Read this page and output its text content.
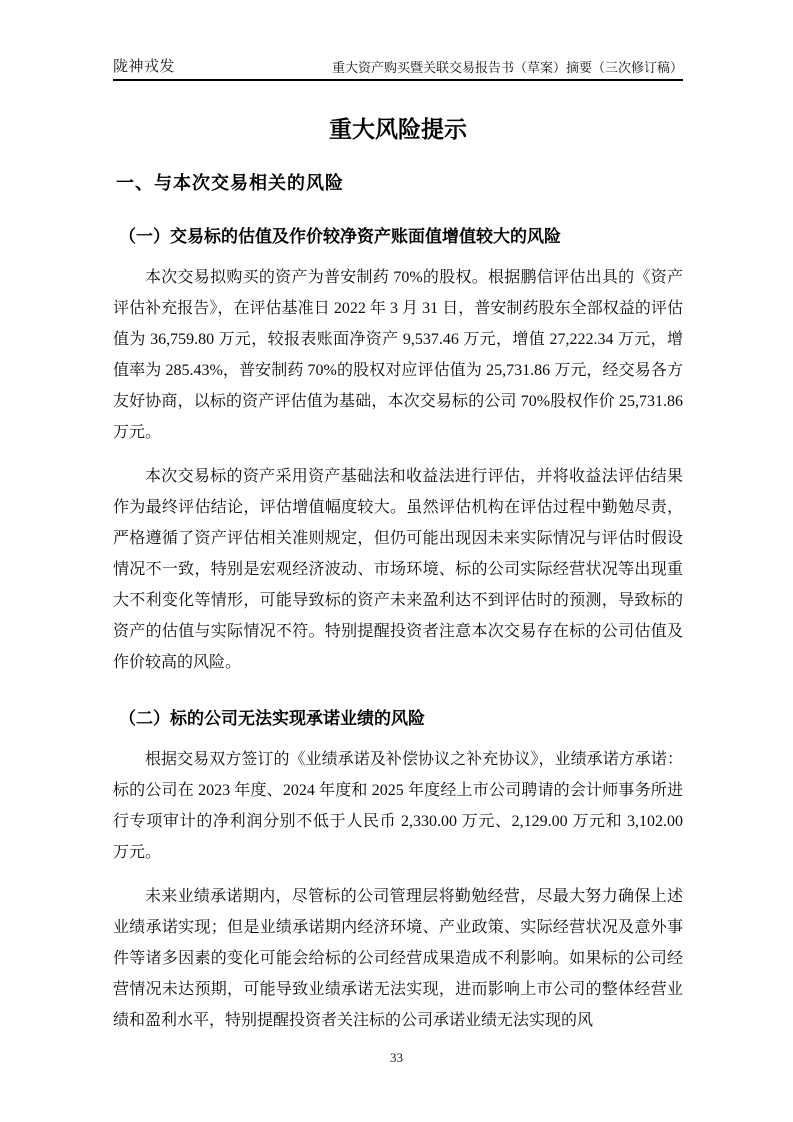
陇神戎发	重大资产购买暨关联交易报告书（草案）摘要（三次修订稿）
重大风险提示
一、与本次交易相关的风险
（一）交易标的估值及作价较净资产账面值增值较大的风险

本次交易拟购买的资产为普安制药 70%的股权。根据鹏信评估出具的《资产评估补充报告》，在评估基准日 2022 年 3 月 31 日，普安制药股东全部权益的评估值为 36,759.80 万元，较报表账面净资产 9,537.46 万元，增值 27,222.34 万元，增值率为 285.43%，普安制药 70%的股权对应评估值为 25,731.86 万元，经交易各方友好协商，以标的资产评估值为基础，本次交易标的公司 70%股权作价 25,731.86 万元。

本次交易标的资产采用资产基础法和收益法进行评估，并将收益法评估结果作为最终评估结论，评估增值幅度较大。虽然评估机构在评估过程中勤勉尽责，严格遵循了资产评估相关准则规定，但仍可能出现因未来实际情况与评估时假设情况不一致，特别是宏观经济波动、市场环境、标的公司实际经营状况等出现重大不利变化等情形，可能导致标的资产未来盈利达不到评估时的预测，导致标的资产的估值与实际情况不符。特别提醒投资者注意本次交易存在标的公司估值及作价较高的风险。

（二）标的公司无法实现承诺业绩的风险

根据交易双方签订的《业绩承诺及补偿协议之补充协议》，业绩承诺方承诺：标的公司在 2023 年度、2024 年度和 2025 年度经上市公司聘请的会计师事务所进行专项审计的净利润分别不低于人民币 2,330.00 万元、2,129.00 万元和 3,102.00 万元。

未来业绩承诺期内，尽管标的公司管理层将勤勉经营，尽最大努力确保上述业绩承诺实现；但是业绩承诺期内经济环境、产业政策、实际经营状况及意外事件等诸多因素的变化可能会给标的公司经营成果造成不利影响。如果标的公司经营情况未达预期，可能导致业绩承诺无法实现，进而影响上市公司的整体经营业绩和盈利水平，特别提醒投资者关注标的公司承诺业绩无法实现的风

33
